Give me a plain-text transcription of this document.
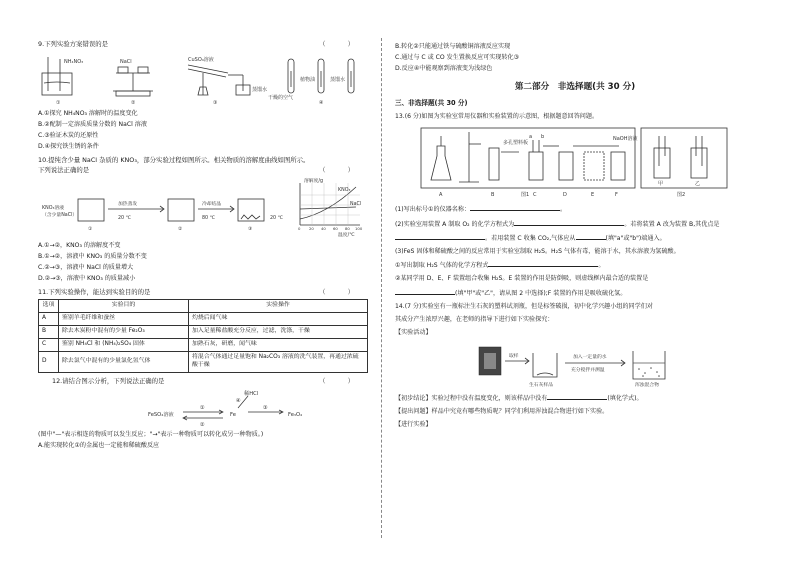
9.下列实验方案错误的是	（ ）
①	②	③	④
NH₄NO₃	NaCl	CuSO₄溶液
蒸馏水
干燥的空气
植物油	蒸馏水
A.①探究 NH₄NO₃ 溶解时的温度变化
B.②配制一定溶质质量分数的 NaCl 溶液
C.③验证木炭的还原性
D.④探究铁生锈的条件
10.提纯含少量 NaCl 杂质的 KNO₃，部分实验过程如图所示。相关物质的溶解度曲线如图所示。
下列说法正确的是	（ ）
KNO₃溶液
（含少量NaCl）
①	②	③
加热蒸发	冷却结晶
20 ℃	80 ℃	20 ℃
溶解度/g
温度/℃
KNO₃
NaCl
0 20 40 60 80 100
A.①→②，KNO₃ 的溶解度不变
B.①→②，溶液中 KNO₃ 的质量分数不变
C.②→③，溶液中 NaCl 的质量增大
D.②→③，溶液中 KNO₃ 的质量减小
11.下列实验操作，能达到实验目的的是	（ ）
选项	实验目的	实验操作
A	鉴别羊毛纤维和蚕丝	灼烧后闻气味
B	除去木炭粉中混有的少量 Fe₂O₃	加入足量稀盐酸充分反应，过滤，洗涤，干燥
C	鉴别 NH₄Cl 和 (NH₄)₂SO₄ 固体	加熟石灰，研磨，闻气味
D	除去氯气中混有的少量氯化氢气体	将混合气体通过足量饱和 Na₂CO₃ 溶液的洗气装置，再通过浓硫酸干燥
12.请结合图示分析，下列说法正确的是	（ ）
FeSO₄溶液	Fe	Fe₃O₄
稀HCl
①
②
③
④
(图中"—"表示相连的物质可以发生反应；"→"表示一种物质可以转化成另一种物质。)
A.能实现转化①的金属也一定能和稀硫酸反应
B.转化②只能通过铁与硫酸铜溶液反应实现
C.通过与 C 或 CO 发生置换反应可实现转化③
D.反应④中能观察到溶液变为浅绿色
第二部分　非选择题(共 30 分)
三、非选择题(共 30 分)
13.(6 分)如图为实验室常用仪器和实验装置的示意图，根据题意回答问题。
A	B	C	D	E	F
图1
甲	乙
图2
多孔塑料板
NaOH溶液
a b
(1)写出标号①的仪器名称：	。
(2)实验室用装置 A 制取 O₂ 的化学方程式为	。若将装置 A 改为装置 B,其优点是
。若用装置 C 收集 CO₂,气体应从	(填"a"或"b")端通入。
(3)FeS 固体和稀硫酸之间的反应常用于实验室制取 H₂S。H₂S 气体有毒，能溶于水，其水溶液为氢硫酸。
①写出制取 H₂S 气体的化学方程式	。
②某同学用 D、E、F 装置组合收集 H₂S。E 装置的作用是防倒吸，则虚线框内最合适的装置是
(填"甲"或"乙"，请从图 2 中选择);F 装置的作用是吸收硫化氢。
14.(7 分)实验室有一瓶标注生石灰的塑料试剂瓶，但是标签破损，初中化学兴趣小组的同学们对
其成分产生浓厚兴趣，在老师的指导下进行如下实验探究：
【实验活动】
取样	加入一定量的水
充分搅拌并测温
生石灰样品	浑浊混合物
【初步结论】实验过程中没有温度变化，则该样品中没有	(填化学式)。
【提出问题】样品中究竟有哪些物质呢？同学们利用浑浊混合物进行如下实验。
【进行实验】
